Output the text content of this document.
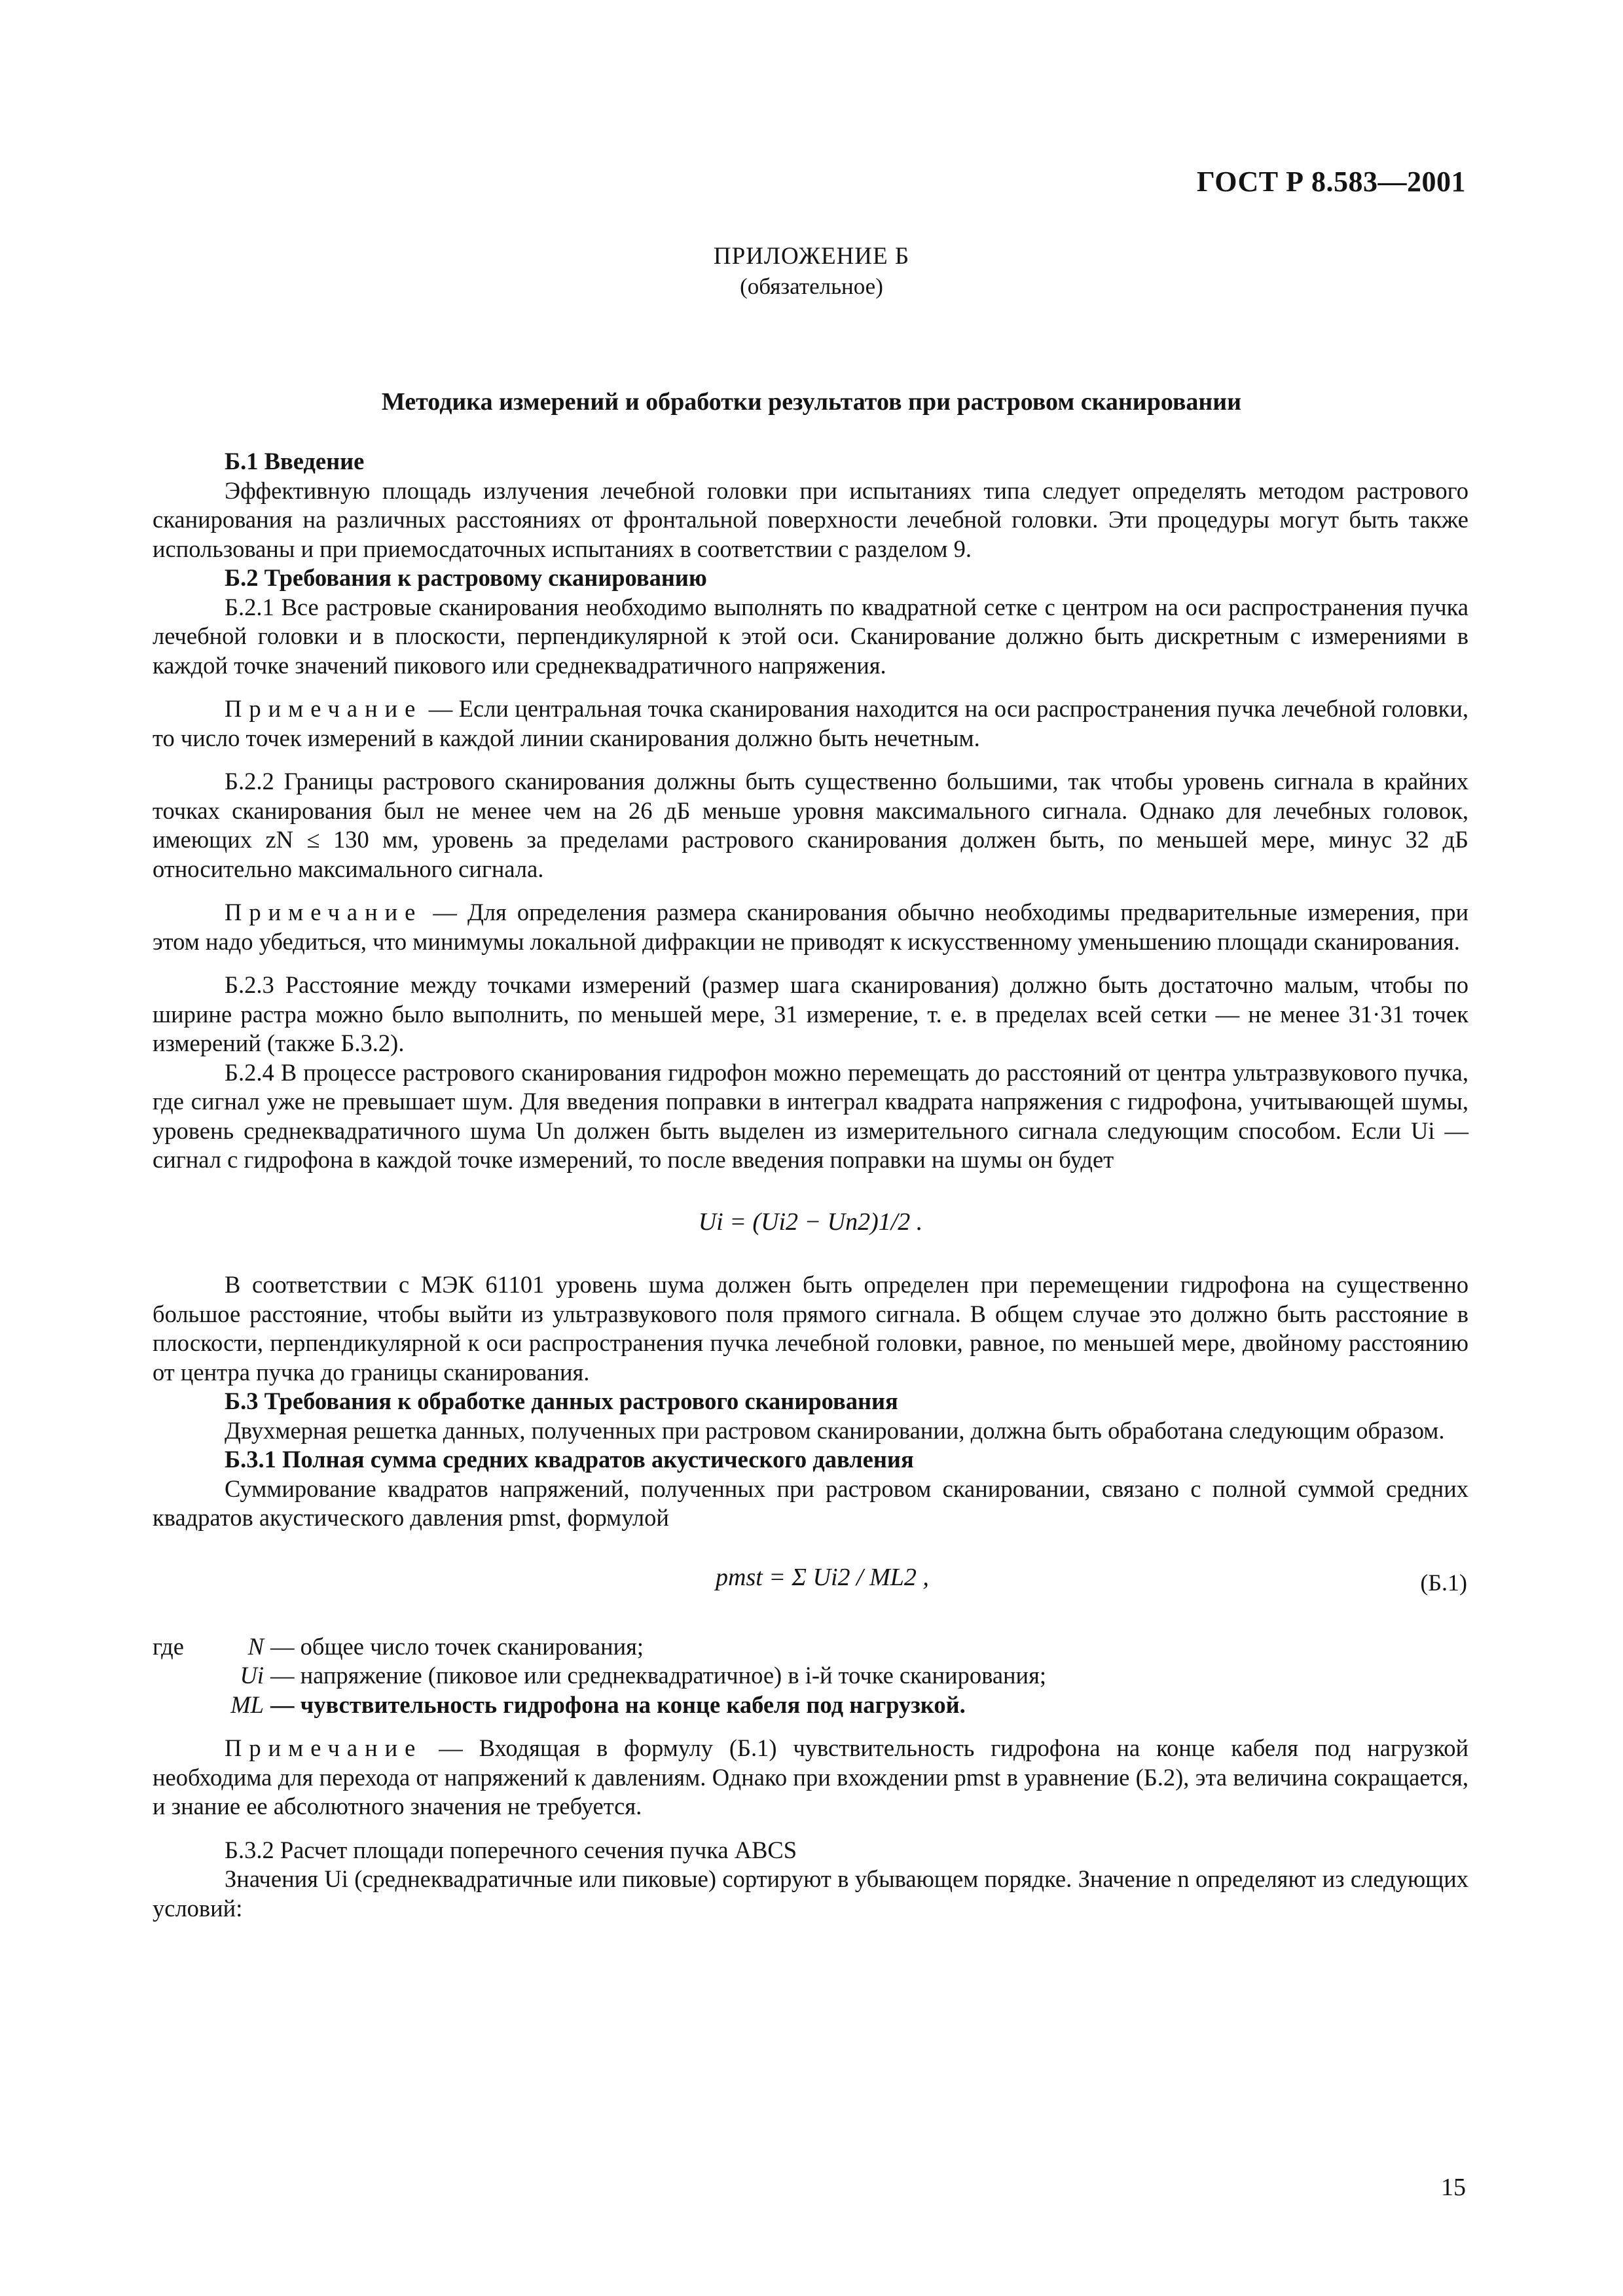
ГОСТ Р 8.583—2001
ПРИЛОЖЕНИЕ Б
(обязательное)
Методика измерений и обработки результатов при растровом сканировании

Б.1 Введение

Эффективную площадь излучения лечебной головки при испытаниях типа следует определять методом растрового сканирования на различных расстояниях от фронтальной поверхности лечебной головки. Эти процедуры могут быть также использованы и при приемосдаточных испытаниях в соответствии с разделом 9.

Б.2 Требования к растровому сканированию

Б.2.1 Все растровые сканирования необходимо выполнять по квадратной сетке с центром на оси распространения пучка лечебной головки и в плоскости, перпендикулярной к этой оси. Сканирование должно быть дискретным с измерениями в каждой точке значений пикового или среднеквадратичного напряжения.

Примечание — Если центральная точка сканирования находится на оси распространения пучка лечебной головки, то число точек измерений в каждой линии сканирования должно быть нечетным.

Б.2.2 Границы растрового сканирования должны быть существенно большими, так чтобы уровень сигнала в крайних точках сканирования был не менее чем на 26 дБ меньше уровня максимального сигнала. Однако для лечебных головок, имеющих zN ≤ 130 мм, уровень за пределами растрового сканирования должен быть, по меньшей мере, минус 32 дБ относительно максимального сигнала.

Примечание — Для определения размера сканирования обычно необходимы предварительные измерения, при этом надо убедиться, что минимумы локальной дифракции не приводят к искусственному уменьшению площади сканирования.

Б.2.3 Расстояние между точками измерений (размер шага сканирования) должно быть достаточно малым, чтобы по ширине растра можно было выполнить, по меньшей мере, 31 измерение, т. е. в пределах всей сетки — не менее 31·31 точек измерений (также Б.3.2).

Б.2.4 В процессе растрового сканирования гидрофон можно перемещать до расстояний от центра ультразвукового пучка, где сигнал уже не превышает шум. Для введения поправки в интеграл квадрата напряжения с гидрофона, учитывающей шумы, уровень среднеквадратичного шума Un должен быть выделен из измерительного сигнала следующим способом. Если Ui — сигнал с гидрофона в каждой точке измерений, то после введения поправки на шумы он будет

Ui = (Ui2 − Un2)1/2 .

В соответствии с МЭК 61101 уровень шума должен быть определен при перемещении гидрофона на существенно большое расстояние, чтобы выйти из ультразвукового поля прямого сигнала. В общем случае это должно быть расстояние в плоскости, перпендикулярной к оси распространения пучка лечебной головки, равное, по меньшей мере, двойному расстоянию от центра пучка до границы сканирования.

Б.3 Требования к обработке данных растрового сканирования

Двухмерная решетка данных, полученных при растровом сканировании, должна быть обработана следующим образом.

Б.3.1 Полная сумма средних квадратов акустического давления

Суммирование квадратов напряжений, полученных при растровом сканировании, связано с полной суммой средних квадратов акустического давления pmst, формулой

pmst = Σ Ui2 / ML2 ,	(Б.1)
где	N — общее число точек сканирования;
Ui — напряжение (пиковое или среднеквадратичное) в i-й точке сканирования;
ML — чувствительность гидрофона на конце кабеля под нагрузкой.

Примечание — Входящая в формулу (Б.1) чувствительность гидрофона на конце кабеля под нагрузкой необходима для перехода от напряжений к давлениям. Однако при вхождении pmst в уравнение (Б.2), эта величина сокращается, и знание ее абсолютного значения не требуется.

Б.3.2 Расчет площади поперечного сечения пучка ABCS

Значения Ui (среднеквадратичные или пиковые) сортируют в убывающем порядке. Значение n определяют из следующих условий:

15
